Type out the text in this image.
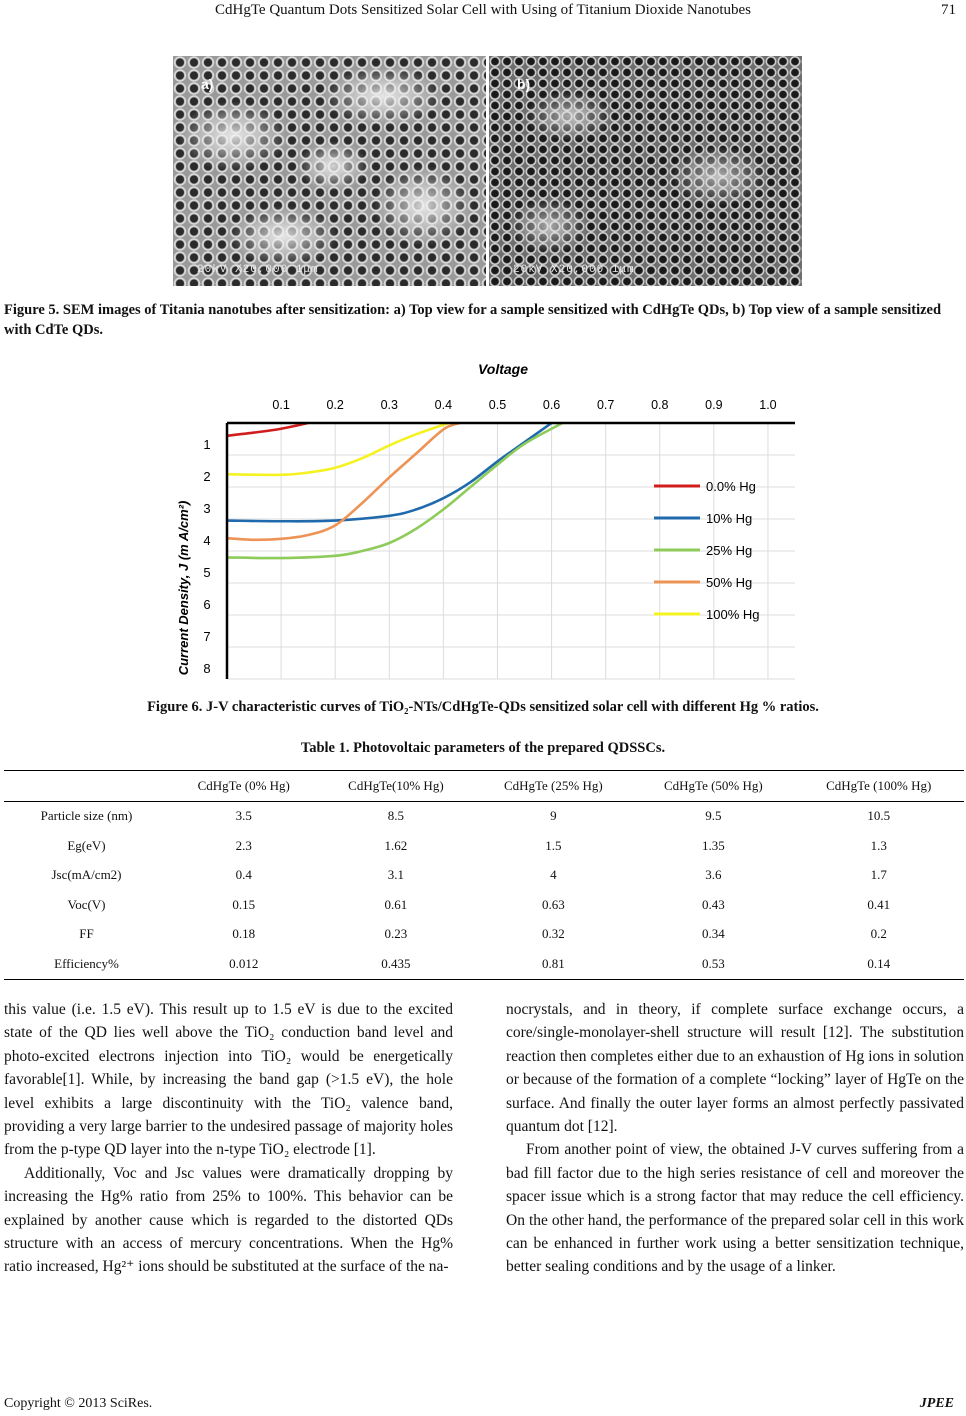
CdHgTe Quantum Dots Sensitized Solar Cell with Using of Titanium Dioxide Nanotubes	71
a)
20kV X20,000 1μm
b)
20kV X20,000 1μm
Figure 5. SEM images of Titania nanotubes after sensitization: a) Top view for a sample sensitized with CdHgTe QDs, b) Top view of a sample sensitized with CdTe QDs.
Voltage
0.1	0.2	0.3	0.4	0.5	0.6	0.7	0.8	0.9	1.0
1
2
3
4
5
6
7
8
0.0% Hg
10% Hg
25% Hg
50% Hg
100% Hg
Current Density, J (m A/cm²)
Figure 6. J-V characteristic curves of TiO₂-NTs/CdHgTe-QDs sensitized solar cell with different Hg % ratios.
Table 1. Photovoltaic parameters of the prepared QDSSCs.
	CdHgTe (0% Hg)	CdHgTe(10% Hg)	CdHgTe (25% Hg)	CdHgTe (50% Hg)	CdHgTe (100% Hg)
Particle size (nm)	3.5	8.5	9	9.5	10.5
Eg(eV)	2.3	1.62	1.5	1.35	1.3
Jsc(mA/cm2)	0.4	3.1	4	3.6	1.7
Voc(V)	0.15	0.61	0.63	0.43	0.41
FF	0.18	0.23	0.32	0.34	0.2
Efficiency%	0.012	0.435	0.81	0.53	0.14

this value (i.e. 1.5 eV). This result up to 1.5 eV is due to the excited state of the QD lies well above the TiO₂ conduction band level and photo-excited electrons injection into TiO₂ would be energetically favorable[1]. While, by increasing the band gap (>1.5 eV), the hole level exhibits a large discontinuity with the TiO₂ valence band, providing a very large barrier to the undesired passage of majority holes from the p-type QD layer into the n-type TiO₂ electrode [1].

Additionally, Voc and Jsc values were dramatically dropping by increasing the Hg% ratio from 25% to 100%. This behavior can be explained by another cause which is regarded to the distorted QDs structure with an access of mercury concentrations. When the Hg% ratio increased, Hg²⁺ ions should be substituted at the surface of the na-

nocrystals, and in theory, if complete surface exchange occurs, a core/single-monolayer-shell structure will result [12]. The substitution reaction then completes either due to an exhaustion of Hg ions in solution or because of the formation of a complete “locking” layer of HgTe on the surface. And finally the outer layer forms an almost perfectly passivated quantum dot [12].

From another point of view, the obtained J-V curves suffering from a bad fill factor due to the high series resistance of cell and moreover the spacer issue which is a strong factor that may reduce the cell efficiency. On the other hand, the performance of the prepared solar cell in this work can be enhanced in further work using a better sensitization technique, better sealing conditions and by the usage of a linker.

Copyright © 2013 SciRes.	JPEE
